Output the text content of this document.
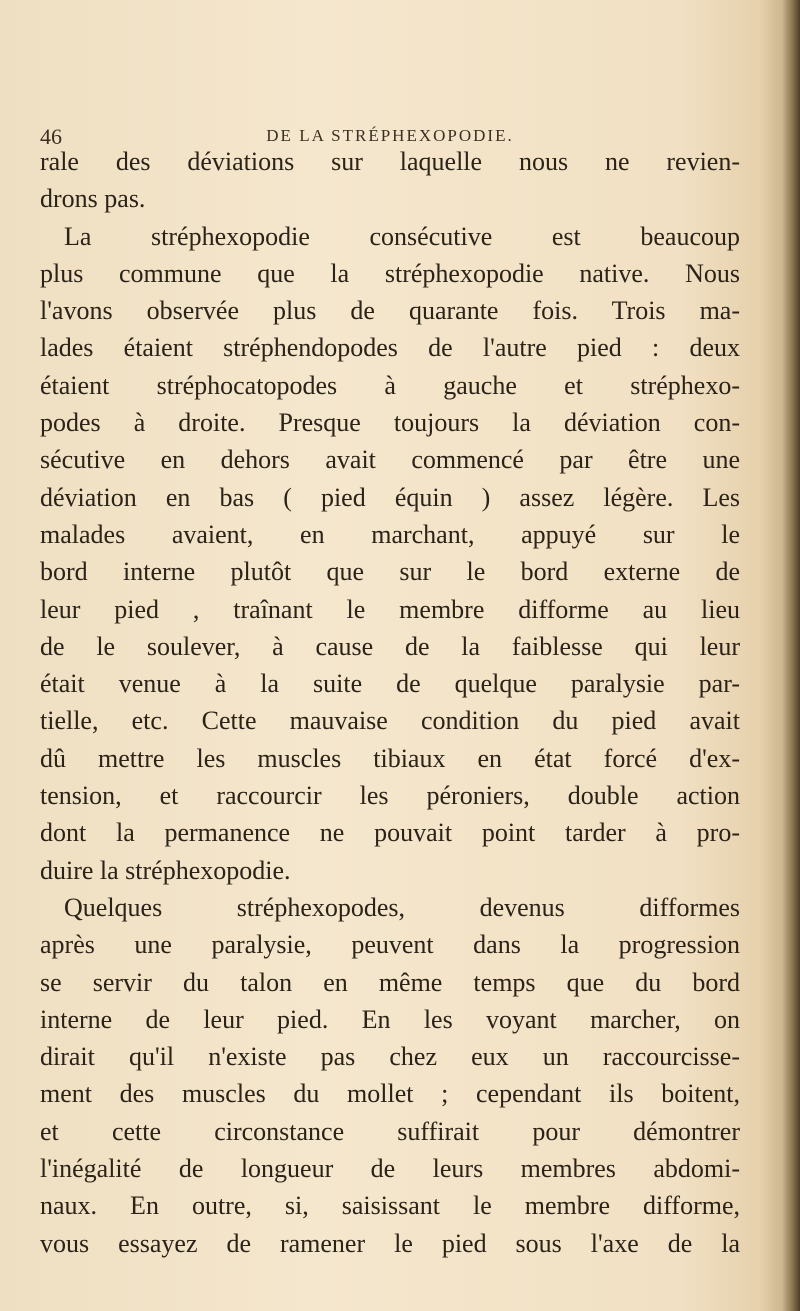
46	DE LA STRÉPHEXOPODIE.
rale des déviations sur laquelle nous ne revien-
drons pas.
La stréphexopodie consécutive est beaucoup
plus commune que la stréphexopodie native. Nous
l'avons observée plus de quarante fois. Trois ma-
lades étaient stréphendopodes de l'autre pied : deux
étaient stréphocatopodes à gauche et stréphexo-
podes à droite. Presque toujours la déviation con-
sécutive en dehors avait commencé par être une
déviation en bas ( pied équin ) assez légère. Les
malades avaient, en marchant, appuyé sur le
bord interne plutôt que sur le bord externe de
leur pied , traînant le membre difforme au lieu
de le soulever, à cause de la faiblesse qui leur
était venue à la suite de quelque paralysie par-
tielle, etc. Cette mauvaise condition du pied avait
dû mettre les muscles tibiaux en état forcé d'ex-
tension, et raccourcir les péroniers, double action
dont la permanence ne pouvait point tarder à pro-
duire la stréphexopodie.
Quelques stréphexopodes, devenus difformes
après une paralysie, peuvent dans la progression
se servir du talon en même temps que du bord
interne de leur pied. En les voyant marcher, on
dirait qu'il n'existe pas chez eux un raccourcisse-
ment des muscles du mollet ; cependant ils boitent,
et cette circonstance suffirait pour démontrer
l'inégalité de longueur de leurs membres abdomi-
naux. En outre, si, saisissant le membre difforme,
vous essayez de ramener le pied sous l'axe de la
